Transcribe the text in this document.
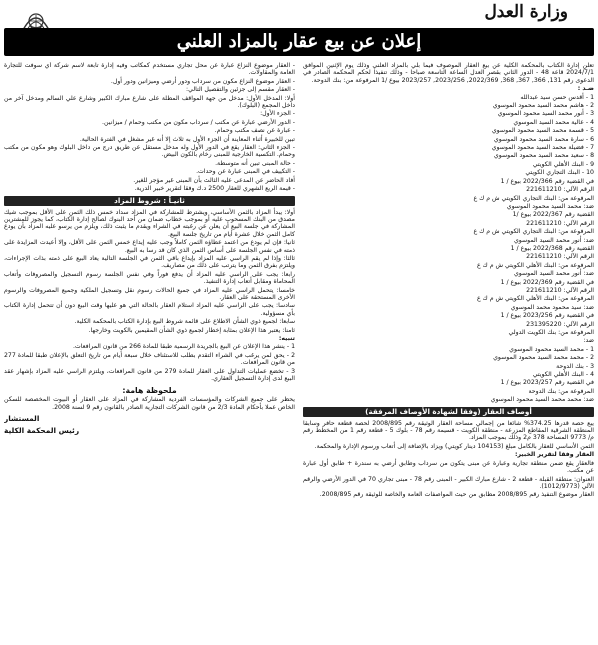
وزارة العدل
إعلان عن بيع عقار بالمزاد العلني

تعلن إدارة الكتاب بالمحكمة الكلية عن بيع العقار الموصوف فيما بلي بالمزاد العلني وذلك يوم الإثنين الموافق 2024/7/1 قاعة 48 - الدور الثاني بقصر العدل الساعة التاسعة صباحا - وذلك تنفيذا لحكم المحكمة الصادر في الدعوى رقم 131, 366, 367, 368, 2022/369, 2023/256, 2023/257 بيوع /1 المرفوعة من: بنك الدوحة.

ضـد :

1 - أقدس حسن سيد عبدالله

2 - هاشم محمد السيد محمود الموسوي

3 - أنور محمد السيد محمود الموسوي

4 - عالية محمد السيد الموسوي

5 - قسمة محمد السيد محمود الموسوي

6 - سارة محمد السيد محمود الموسوي

7 - فضيلة محمد السيد محمود الموسوي

8 - سعيد محمد السيد محمود الموسوي

9 - البنك الأهلي الكويتي

10 - البنك التجاري الكويتي

في القضية رقم 2022/366 بيوع / 1

الرقم الآلي: 221611210

المرفوعة من: البنك التجاري الكويتي ش م ك ع

ضد: محمد السيد محمود الموسوي

القضية رقم 2022/367 بيوع /1

الرقم الآلي: 221611210

المرفوعة من: البنك التجاري الكويتي ش م ك ع

ضد: أنور محمد السيد الموسوي

القضية رقم 2022/368 بيوع / 1

الرقم الآلي: 221611210

المرفوعة من: البنك الأهلي الكويتي ش م ك ع

ضد: أنور محمد السيد الموسوي

في القضية رقم 2022/369 بيوع / 1

الرقم الآلي: 221611210

المرفوعة من: البنك الأهلي الكويتي ش م ك ع

ضد: سيد محمود محمد الموسوي

في القضية رقم 2023/256 بيوع / 1

الرقم الآلي: 231395220

المرفوعة من: بنك الكويت الدولي

ضد:

1 - محمد السيد محمود الموسوي

2 - محمد محمد السيد محمود الموسوي

3 - بنك الدوحة

4 - البنك الأهلي الكويتي

في القضية رقم 2023/257 بيوع / 1

المرفوعة من: بنك الدوحة

ضد: محمد محمد السيد محمود الموسوي

أوصاف العقار (وفقا لشهادة الأوصاف المرفقة)

يبع حصة قدرها 374.25% شائعا من إجمالي مساحة العقار الوثيقة رقم 2008/895 لحصة قطعة حافر وسابقا المنطقة الشرقية المقاطع المزرعة - منطقة الكويت - قسيمة رقم 78 - بلوك 5 - قطعة رقم 1 من المخطط رقم م/ 9773 المساحة 378 م2 وذلك بموجب المزاد.

الثمن الأساسي للعقار بالكامل مبلغ (104153 دينار كويتي) ويزاد بالإضافة إلى أتعاب ورسوم الإدارة والمحكمة.

العقار وفقا لتقرير الخبير:

فالعقار يقع ضمن منطقة تجارية وعبارة عن مبنى يتكون من سرداب وطابق أرضي به سندرة + طابق أول عبارة عن مكتب.

العنوان: منطقة القبلة - قطعة 2 - شارع مبارك الكبير - المبنى رقم 78 - مبنى تجاري 70 في الدور الأرضي والرقم الآلي (1012/9773).

العقار موضوع التنفيذ رقم 2008/895 مطابق من حيث المواصفات العامة والخاصة للوثيقة رقم 2008/895.

- العقار موضوع النزاع عبارة عن محل تجاري مستخدم كمكاتب وفيه إدارة تابعة لاسم شركة أي سوفت للتجارة العامة والمقاولات.

- العقار موضوع النزاع مكون من سرداب ودور أرضي وميزانين ودور أول.

- العقار مقسم إلى جزئين والتفصيل التالي:

أولا: المدخل الأول: مدخل من جهة المواقف المطلة على شارع مبارك الكبير وشارع علي السالم ومدخل آخر من داخل المجمع (البلوك).

- الجزء الأول:

- الدور الأرضي عبارة عن مكتب / سرداب مكون من مكتب وحمام / ميزانين.

- عبارة عن نصف مكتب وحمام.

تبين للخبيرة أثناء المعاينة أن الجزء الأول به ثلاث إلا أنه غير مشغل في الفترة الحالية.

- الجزء الثاني: العقار يقع في الدور الأول وله مدخل مستقل عن طريق درج من داخل البلوك وهو مكون من مكتب وحمام. التكسية الخارجية للمبنى رخام بالكون البيض.

- حالة المبنى تبين أنه متوسطة.

- التكييف في المبنى عبارة عن وحدات.

أفاد الحاضر عن المدعى عليه الثالث بأن المبنى غير مؤجر للغير.

- قيمة الريع الشهري للعقار 2500 د.ك وفقا لتقرير خبير الدرية.

ثانيـاً : شروط المزاد

أولا: يبدأ المزاد بالثمن الأساسي، ويشترط للمشاركة في المزاد سداد خمس ذلك الثمن على الأقل بموجب شيك مصدق من البنك المسحوب عليه أو بموجب خطاب ضمان من أحد البنوك لصالح إدارة الكتاب، كما يجوز للمشترين المشاركة في جلسة البيع أن يعلن عن رغبته في الشراء ويقدم ما يثبت ذلك، ويلزم من يرسو عليه المزاد بأن يودع كامل الثمن خلال عشرة أيام من تاريخ جلسة البيع.

ثانيا: فإن لم يودع من اعتمد عطاؤه الثمن كاملاً وجب عليه إيداع خمس الثمن على الأقل، وإلا أعيدت المزايدة على ذمته في نفس الجلسة على أساس الثمن الذي كان قد رسا به البيع.

ثالثا: وإذا لم يقم الراسي عليه المزاد بإيداع باقي الثمن في الجلسة التالية يعاد البيع على ذمته بذات الإجراءات، ويلتزم بفرق الثمن وما يترتب على ذلك من مصاريف.

رابعا: يجب على الراسي عليه المزاد أن يدفع فوراً وفي نفس الجلسة رسوم التسجيل والمصروفات وأتعاب المحاماة ومقابل أتعاب إدارة التنفيذ.

خامسا: يتحمل الراسي عليه المزاد في جميع الحالات رسوم نقل وتسجيل الملكية وجميع المصروفات والرسوم الأخرى المستحقة على العقار.

سادسا: يجب على الراسي عليه المزاد استلام العقار بالحالة التي هو عليها وقت البيع دون أن تتحمل إدارة الكتاب بأي مسؤولية.

سابعا: لجميع ذوي الشأن الاطلاع على قائمة شروط البيع بإدارة الكتاب بالمحكمة الكلية.

ثامنا: يعتبر هذا الإعلان بمثابة إخطار لجميع ذوي الشأن المقيمين بالكويت وخارجها.

تنبيه:

1 - ينشر هذا الإعلان عن البيع بالجريدة الرسمية طبقا للمادة 266 من قانون المرافعات.

2 - يحق لمن يرغب في الشراء التقدم بطلب للاستئناف خلال سبعة أيام من تاريخ التعلق بالإعلان طبقا للمادة 277 من قانون المرافعات.

3 - تخضع عمليات التداول على العقار للمادة 279 من قانون المرافعات، ويلتزم الراسي عليه المزاد بإشهار عقد البيع لدى إدارة التسجيل العقاري.

ملحوظة هامة:

يحظر على جميع الشركات والمؤسسات الفردية المشاركة في المزاد على العقار أو البيوت المخصصة للسكن الخاص عملا بأحكام المادة 2/3 من قانون الشركات التجارية الصادر بالقانون رقم 9 لسنة 2008.

المستشار
رئيس المحكمة الكلية
